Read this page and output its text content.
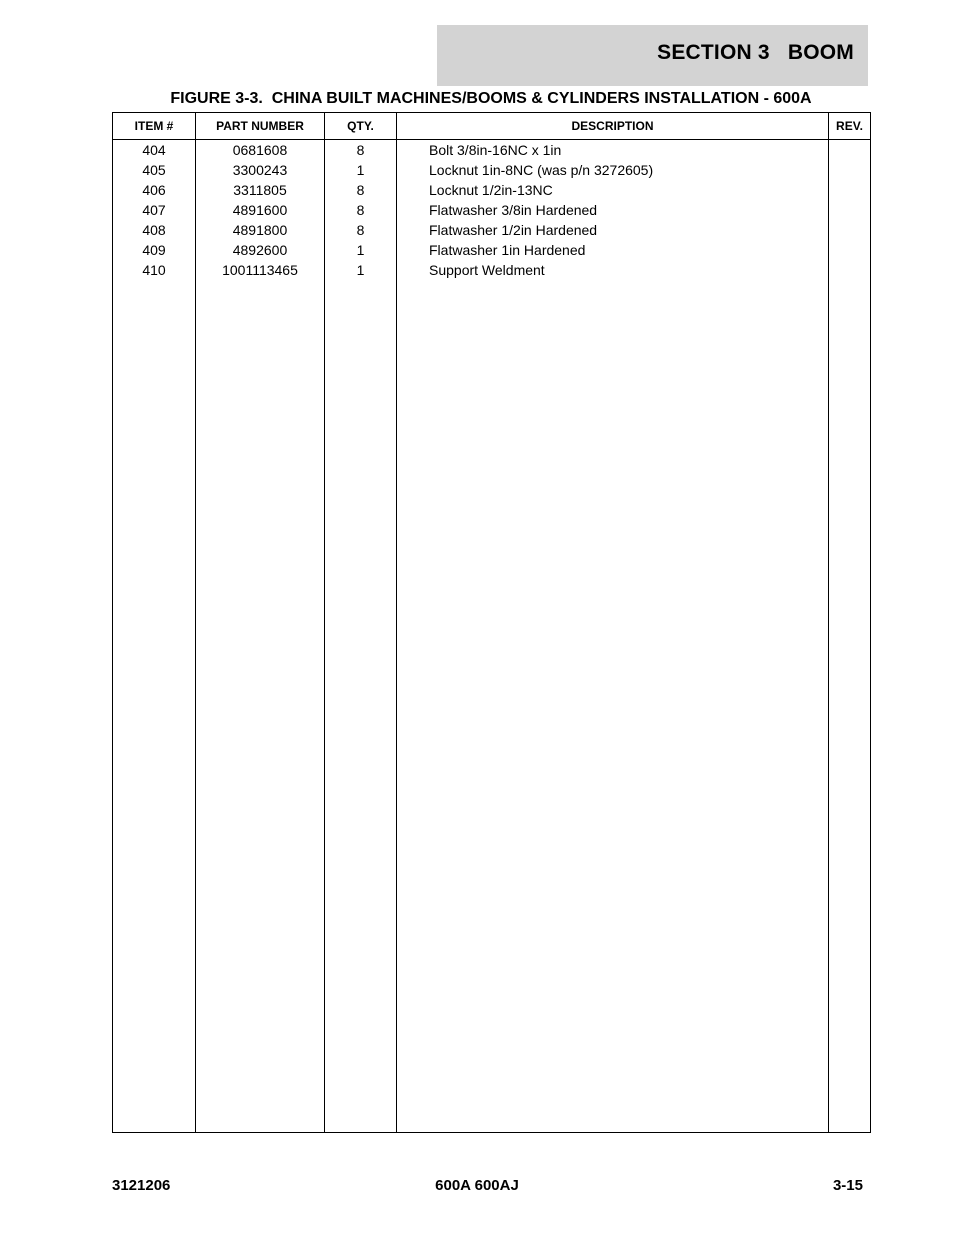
SECTION 3   BOOM
FIGURE 3-3.  CHINA BUILT MACHINES/BOOMS & CYLINDERS INSTALLATION - 600A
ITEM #	PART NUMBER	QTY.	DESCRIPTION	REV.
404	0681608	8	Bolt 3/8in-16NC x 1in	
405	3300243	1	Locknut 1in-8NC (was p/n 3272605)	
406	3311805	8	Locknut 1/2in-13NC	
407	4891600	8	Flatwasher 3/8in Hardened	
408	4891800	8	Flatwasher 1/2in Hardened	
409	4892600	1	Flatwasher 1in Hardened	
410	1001113465	1	Support Weldment	

3121206	600A 600AJ	3-15
